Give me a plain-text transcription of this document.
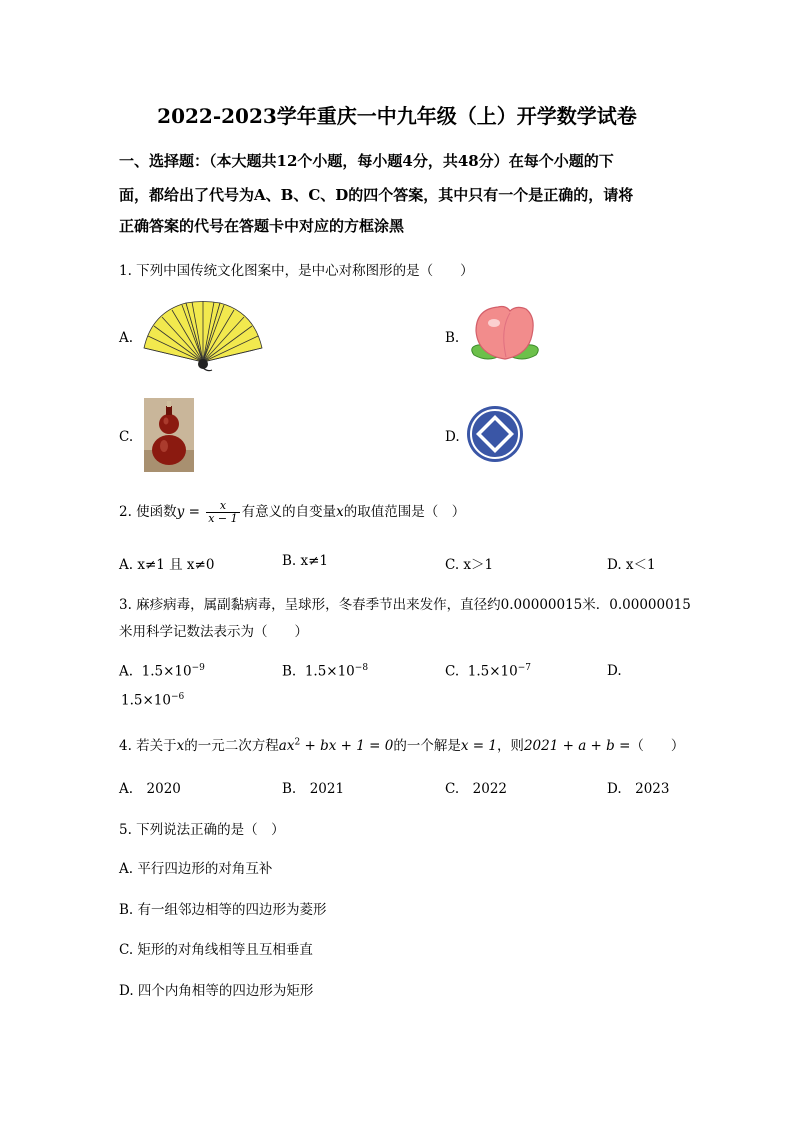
2022-2023学年重庆一中九年级（上）开学数学试卷
一、选择题：（本大题共12个小题，每小题4分，共48分）在每个小题的下
面，都给出了代号为A、B、C、D的四个答案，其中只有一个是正确的，请将
正确答案的代号在答题卡中对应的方框涂黑
1. 下列中国传统文化图案中，是中心对称图形的是（　　）
A.	B.
C.	D.
2. 使函数$y = \frac{x}{x - 1}$ 有意义的自变量x的取值范围是（　）
A. x≠1 且 x≠0	B. x≠1	C. x＞1	D. x＜1
3. 麻疹病毒，属副黏病毒，呈球形，冬春季节出来发作，直径约0.00000015米．0.00000015
米用科学记数法表示为（　　）
A. $1.5\times 10^{-9}$	B. $1.5\times 10^{-8}$	C. $1.5\times 10^{-7}$	D.
$1.5\times 10^{-6}$
4. 若关于x的一元二次方程$ax^2$ + bx + 1 = 0的一个解是x = 1，则2021 + a + b =（　　）
A.　2020	B.　2021	C.　2022	D.　2023
5. 下列说法正确的是（　）
A. 平行四边形的对角互补
B. 有一组邻边相等的四边形为菱形
C. 矩形的对角线相等且互相垂直
D. 四个内角相等的四边形为矩形
